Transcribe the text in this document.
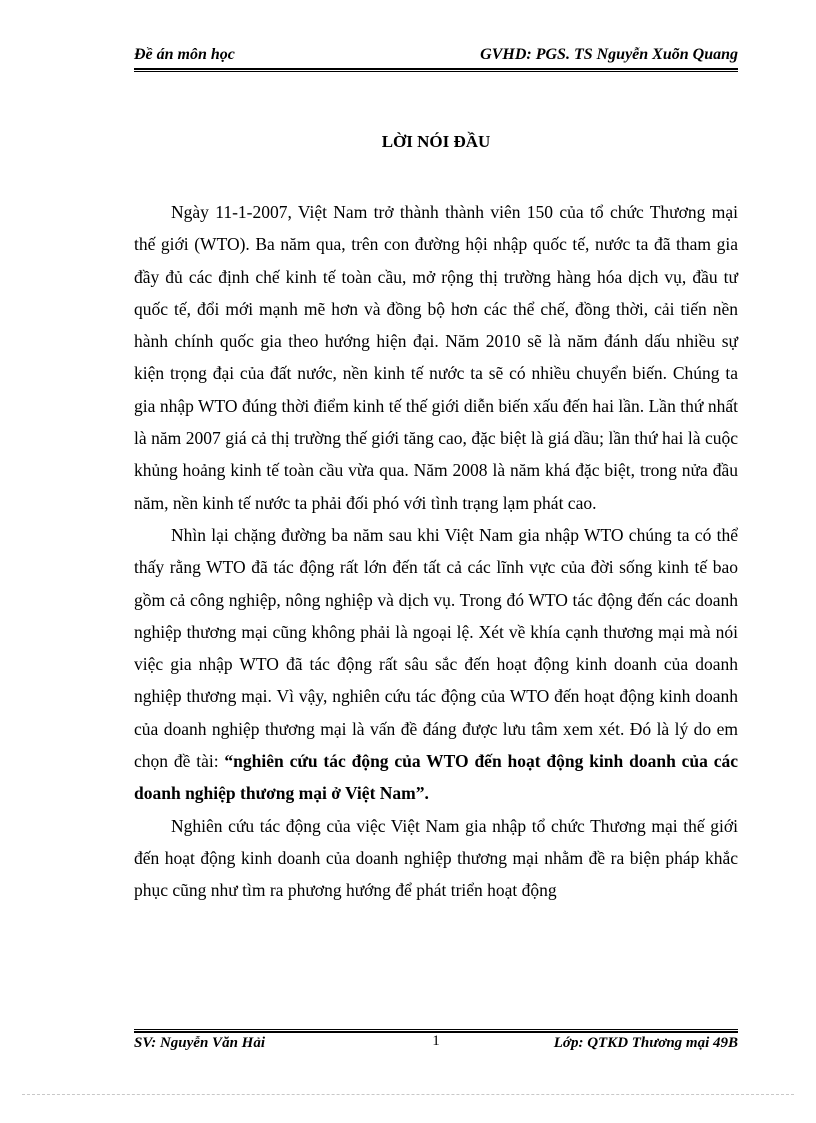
Đề án môn học	GVHD: PGS. TS Nguyễn Xuõn Quang
LỜI NÓI ĐẦU

Ngày 11-1-2007, Việt Nam trở thành thành viên 150 của tổ chức Thương mại thế giới (WTO). Ba năm qua, trên con đường hội nhập quốc tế, nước ta đã tham gia đầy đủ các định chế kinh tế toàn cầu, mở rộng thị trường hàng hóa dịch vụ, đầu tư quốc tế, đổi mới mạnh mẽ hơn và đồng bộ hơn các thể chế, đồng thời, cải tiến nền hành chính quốc gia theo hướng hiện đại. Năm 2010 sẽ là năm đánh dấu nhiều sự kiện trọng đại của đất nước, nền kinh tế nước ta sẽ có nhiều chuyển biến. Chúng ta gia nhập WTO đúng thời điểm kinh tế thế giới diễn biến xấu đến hai lần. Lần thứ nhất là năm 2007 giá cả thị trường thế giới tăng cao, đặc biệt là giá dầu; lần thứ hai là cuộc khủng hoảng kinh tế toàn cầu vừa qua. Năm 2008 là năm khá đặc biệt, trong nửa đầu năm, nền kinh tế nước ta phải đối phó với tình trạng lạm phát cao.

Nhìn lại chặng đường ba năm sau khi Việt Nam gia nhập WTO chúng ta có thể thấy rằng WTO đã tác động rất lớn đến tất cả các lĩnh vực của đời sống kinh tế bao gồm cả công nghiệp, nông nghiệp và dịch vụ. Trong đó WTO tác động đến các doanh nghiệp thương mại cũng không phải là ngoại lệ. Xét về khía cạnh thương mại mà nói việc gia nhập WTO đã tác động rất sâu sắc đến hoạt động kinh doanh của doanh nghiệp thương mại. Vì vậy, nghiên cứu tác động của WTO đến hoạt động kinh doanh của doanh nghiệp thương mại là vấn đề đáng được lưu tâm xem xét. Đó là lý do em chọn đề tài: “nghiên cứu tác động của WTO đến hoạt động kinh doanh của các doanh nghiệp thương mại ở Việt Nam”.

Nghiên cứu tác động của việc Việt Nam gia nhập tổ chức Thương mại thế giới đến hoạt động kinh doanh của doanh nghiệp thương mại nhằm đề ra biện pháp khắc phục cũng như tìm ra phương hướng để phát triển hoạt động

SV: Nguyễn Văn Hải	1	Lớp: QTKD Thương mại 49B
